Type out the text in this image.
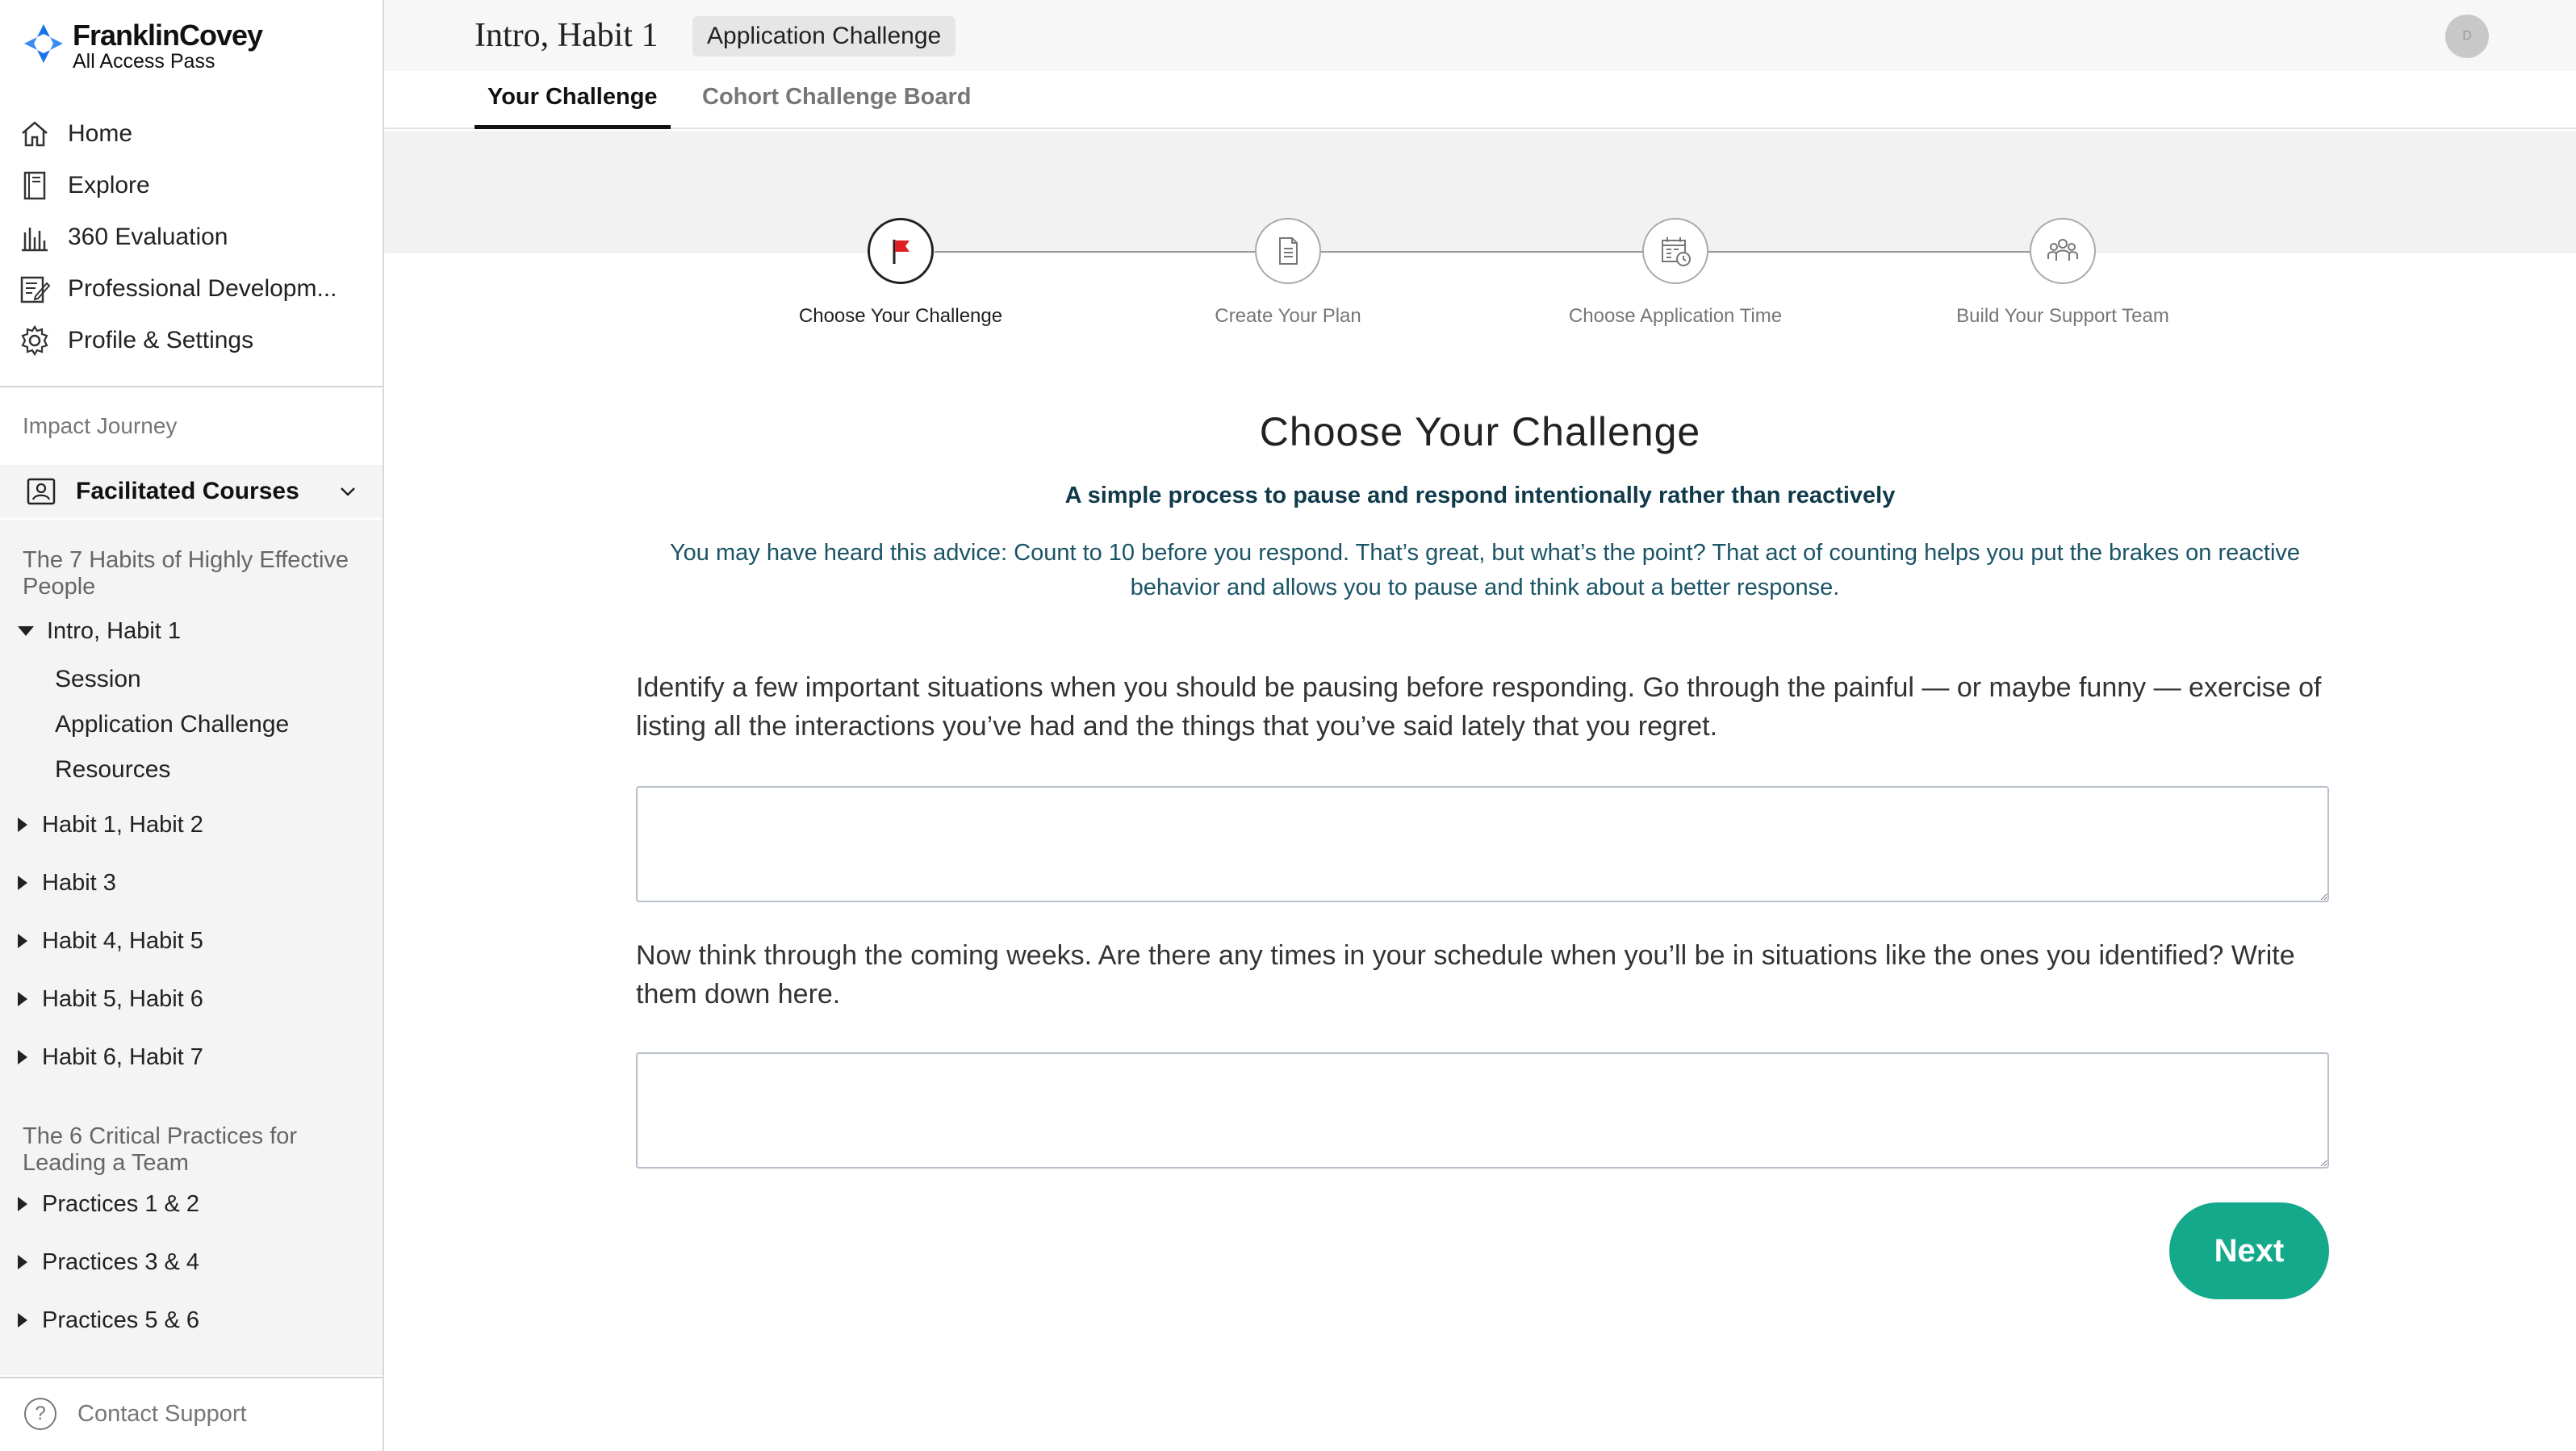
FranklinCovey
All Access Pass
Home
Explore
360 Evaluation
Professional Developm...
Profile & Settings
Impact Journey
Facilitated Courses
The 7 Habits of Highly Effective People
Intro, Habit 1
Session
Application Challenge
Resources
Habit 1, Habit 2
Habit 3
Habit 4, Habit 5
Habit 5, Habit 6
Habit 6, Habit 7
The 6 Critical Practices for Leading a Team
Practices 1 & 2
Practices 3 & 4
Practices 5 & 6
?	Contact Support
Intro, Habit 1	Application Challenge	D
Your Challenge	Cohort Challenge Board
Choose Your Challenge	Create Your Plan	Choose Application Time	Build Your Support Team
Choose Your Challenge
A simple process to pause and respond intentionally rather than reactively
You may have heard this advice: Count to 10 before you respond. That’s great, but what’s the point? That act of counting helps you put the brakes on reactive behavior and allows you to pause and think about a better response.
Identify a few important situations when you should be pausing before responding. Go through the painful — or maybe funny — exercise of listing all the interactions you’ve had and the things that you’ve said lately that you regret.
Now think through the coming weeks. Are there any times in your schedule when you’ll be in situations like the ones you identified? Write them down here.
Next
